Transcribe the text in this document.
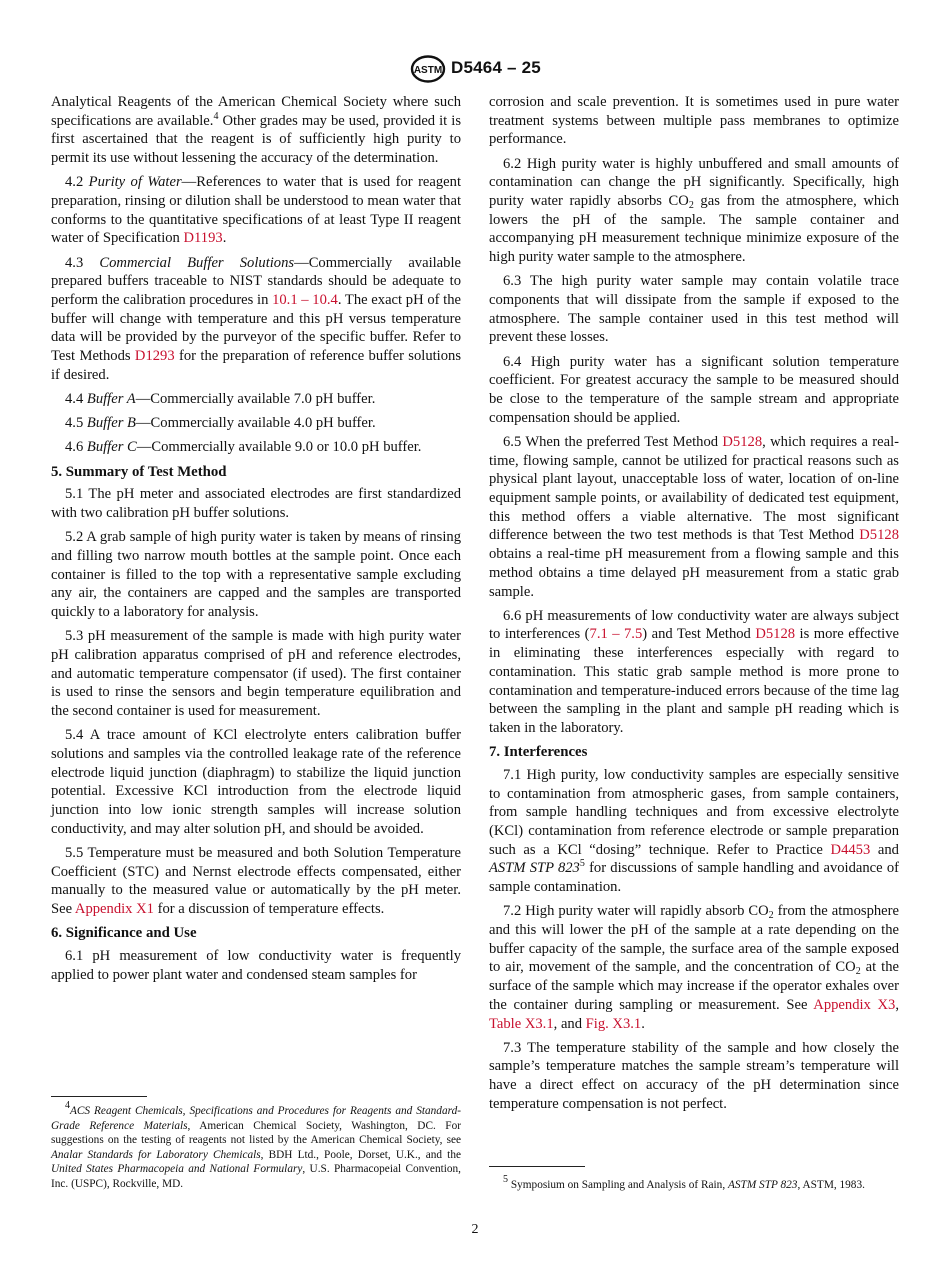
ASTM D5464 – 25

Analytical Reagents of the American Chemical Society where such specifications are available.$^4$ Other grades may be used, provided it is first ascertained that the reagent is of sufficiently high purity to permit its use without lessening the accuracy of the determination.

4.2 Purity of Water—References to water that is used for reagent preparation, rinsing or dilution shall be understood to mean water that conforms to the quantitative specifications of at least Type II reagent water of Specification D1193.

4.3 Commercial Buffer Solutions—Commercially available prepared buffers traceable to NIST standards should be adequate to perform the calibration procedures in 10.1 – 10.4. The exact pH of the buffer will change with temperature and this pH versus temperature data will be provided by the purveyor of the specific buffer. Refer to Test Methods D1293 for the preparation of reference buffer solutions if desired.

4.4 Buffer A—Commercially available 7.0 pH buffer.

4.5 Buffer B—Commercially available 4.0 pH buffer.

4.6 Buffer C—Commercially available 9.0 or 10.0 pH buffer.

5. Summary of Test Method

5.1 The pH meter and associated electrodes are first standardized with two calibration pH buffer solutions.

5.2 A grab sample of high purity water is taken by means of rinsing and filling two narrow mouth bottles at the sample point. Once each container is filled to the top with a representative sample excluding any air, the containers are capped and the samples are transported quickly to a laboratory for analysis.

5.3 pH measurement of the sample is made with high purity water pH calibration apparatus comprised of pH and reference electrodes, and automatic temperature compensator (if used). The first container is used to rinse the sensors and begin temperature equilibration and the second container is used for measurement.

5.4 A trace amount of KCl electrolyte enters calibration buffer solutions and samples via the controlled leakage rate of the reference electrode liquid junction (diaphragm) to stabilize the liquid junction potential. Excessive KCl introduction from the electrode liquid junction into low ionic strength samples will increase solution conductivity, and may alter solution pH, and should be avoided.

5.5 Temperature must be measured and both Solution Temperature Coefficient (STC) and Nernst electrode effects compensated, either manually to the measured value or automatically by the pH meter. See Appendix X1 for a discussion of temperature effects.

6. Significance and Use

6.1 pH measurement of low conductivity water is frequently applied to power plant water and condensed steam samples for

$^4$ACS Reagent Chemicals, Specifications and Procedures for Reagents and Standard-Grade Reference Materials, American Chemical Society, Washington, DC. For suggestions on the testing of reagents not listed by the American Chemical Society, see Analar Standards for Laboratory Chemicals, BDH Ltd., Poole, Dorset, U.K., and the United States Pharmacopeia and National Formulary, U.S. Pharmacopeial Convention, Inc. (USPC), Rockville, MD.

corrosion and scale prevention. It is sometimes used in pure water treatment systems between multiple pass membranes to optimize performance.

6.2 High purity water is highly unbuffered and small amounts of contamination can change the pH significantly. Specifically, high purity water rapidly absorbs $CO_2$ gas from the atmosphere, which lowers the pH of the sample. The sample container and accompanying pH measurement technique minimize exposure of the high purity water sample to the atmosphere.

6.3 The high purity water sample may contain volatile trace components that will dissipate from the sample if exposed to the atmosphere. The sample container used in this test method will prevent these losses.

6.4 High purity water has a significant solution temperature coefficient. For greatest accuracy the sample to be measured should be close to the temperature of the sample stream and appropriate compensation should be applied.

6.5 When the preferred Test Method D5128, which requires a real-time, flowing sample, cannot be utilized for practical reasons such as physical plant layout, unacceptable loss of water, location of on-line equipment sample points, or availability of dedicated test equipment, this method offers a viable alternative. The most significant difference between the two test methods is that Test Method D5128 obtains a real-time pH measurement from a flowing sample and this method obtains a time delayed pH measurement from a static grab sample.

6.6 pH measurements of low conductivity water are always subject to interferences (7.1 – 7.5) and Test Method D5128 is more effective in eliminating these interferences especially with regard to contamination. This static grab sample method is more prone to contamination and temperature-induced errors because of the time lag between the sampling in the plant and sample pH reading which is taken in the laboratory.

7. Interferences

7.1 High purity, low conductivity samples are especially sensitive to contamination from atmospheric gases, from sample containers, from sample handling techniques and from excessive electrolyte (KCl) contamination from reference electrode or sample preparation such as a KCl “dosing” technique. Refer to Practice D4453 and ASTM STP $823^5$ for discussions of sample handling and avoidance of sample contamination.

7.2 High purity water will rapidly absorb $CO_2$ from the atmosphere and this will lower the pH of the sample at a rate depending on the buffer capacity of the sample, the surface area of the sample exposed to air, movement of the sample, and the concentration of $CO_2$ at the surface of the sample which may increase if the operator exhales over the container during sampling or measurement. See Appendix X3, Table X3.1, and Fig. X3.1.

7.3 The temperature stability of the sample and how closely the sample’s temperature matches the sample stream’s temperature will have a direct effect on accuracy of the pH determination since temperature compensation is not perfect.

$^5$ Symposium on Sampling and Analysis of Rain, ASTM STP 823, ASTM, 1983.
2
